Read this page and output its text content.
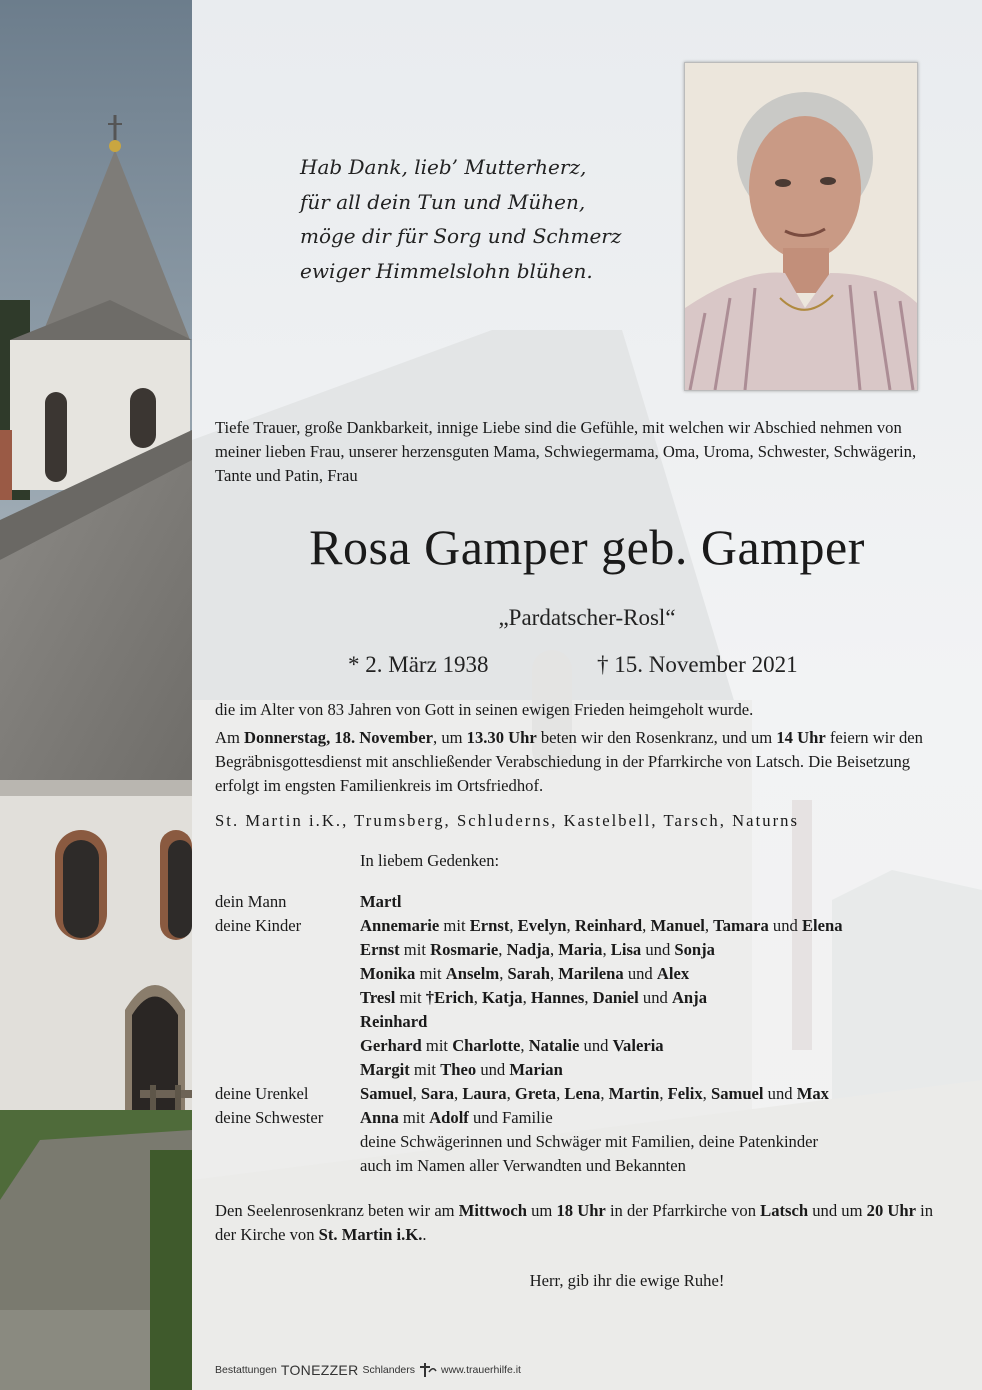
Hab Dank, lieb’ Mutterherz,
für all dein Tun und Mühen,
möge dir für Sorg und Schmerz
ewiger Himmelslohn blühen.
Tiefe Trauer, große Dankbarkeit, innige Liebe sind die Gefühle, mit welchen wir Abschied nehmen von meiner lieben Frau, unserer herzensguten Mama, Schwiegermama, Oma, Uroma, Schwester, Schwägerin, Tante und Patin, Frau
Rosa Gamper geb. Gamper
„Pardatscher-Rosl“
* 2. März 1938	† 15. November 2021
die im Alter von 83 Jahren von Gott in seinen ewigen Frieden heimgeholt wurde.
Am Donnerstag, 18. November, um 13.30 Uhr beten wir den Rosenkranz, und um 14 Uhr feiern wir den Begräbnisgottesdienst mit anschließender Verabschiedung in der Pfarrkirche von Latsch. Die Beisetzung erfolgt im engsten Familienkreis im Ortsfriedhof.
St. Martin i.K., Trumsberg, Schluderns, Kastelbell, Tarsch, Naturns
In liebem Gedenken:
dein Mann	Martl
deine Kinder	Annemarie mit Ernst, Evelyn, Reinhard, Manuel, Tamara und Elena
Ernst mit Rosmarie, Nadja, Maria, Lisa und Sonja
Monika mit Anselm, Sarah, Marilena und Alex
Tresl mit †Erich, Katja, Hannes, Daniel und Anja
Reinhard
Gerhard mit Charlotte, Natalie und Valeria
Margit mit Theo und Marian
deine Urenkel	Samuel, Sara, Laura, Greta, Lena, Martin, Felix, Samuel und Max
deine Schwester	Anna mit Adolf und Familie
deine Schwägerinnen und Schwäger mit Familien, deine Patenkinder
auch im Namen aller Verwandten und Bekannten
Den Seelenrosenkranz beten wir am Mittwoch um 18 Uhr in der Pfarrkirche von Latsch und um 20 Uhr in der Kirche von St. Martin i.K..
Herr, gib ihr die ewige Ruhe!
Bestattungen TONEZZER Schlanders www.trauerhilfe.it
